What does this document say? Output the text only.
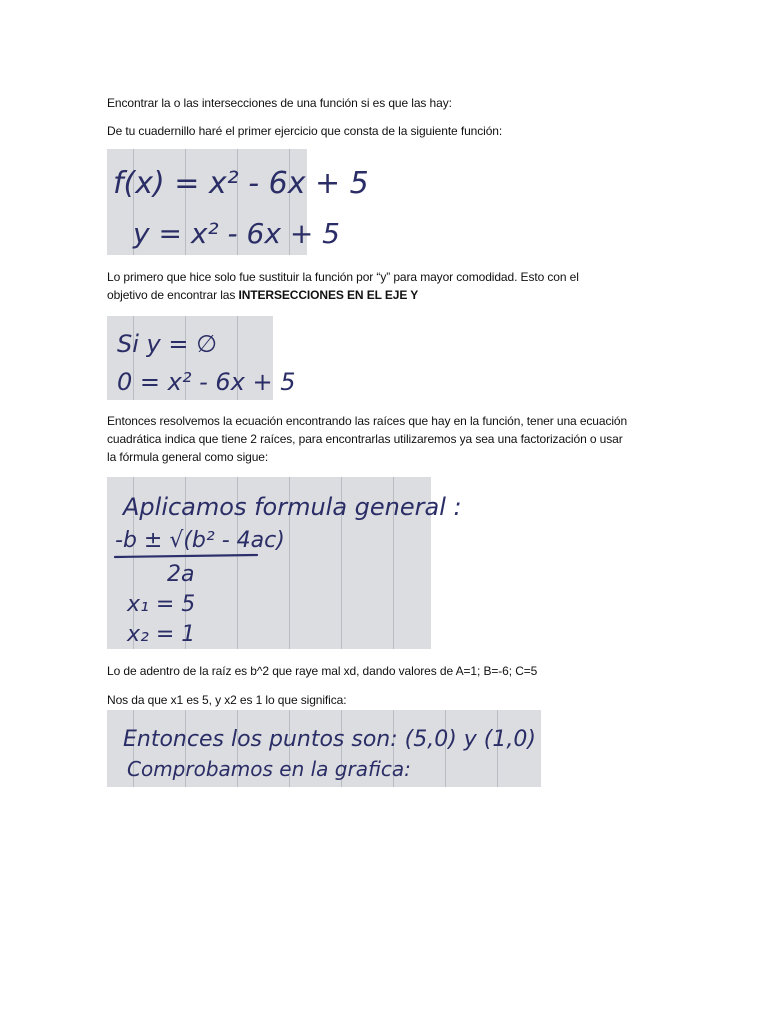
Encontrar la o las intersecciones de una función si es que las hay:

De tu cuadernillo haré el primer ejercicio que consta de la siguiente función:

f(x) = x² - 6x + 5
y = x² - 6x + 5

Lo primero que hice solo fue sustituir la función por “y” para mayor comodidad. Esto con el

objetivo de encontrar las INTERSECCIONES EN EL EJE Y

Si y = ∅
0 = x² - 6x + 5

Entonces resolvemos la ecuación encontrando las raíces que hay en la función, tener una ecuación

cuadrática indica que tiene 2 raíces, para encontrarlas utilizaremos ya sea una factorización o usar

la fórmula general como sigue:

Aplicamos formula general :
-b ± √(b² - 4ac)
2a
x₁ = 5
x₂ = 1

Lo de adentro de la raíz es b^2 que raye mal xd, dando valores de A=1; B=-6; C=5

Nos da que x1 es 5, y x2 es 1 lo que significa:

Entonces los puntos son: (5,0) y (1,0)
Comprobamos en la grafica:
